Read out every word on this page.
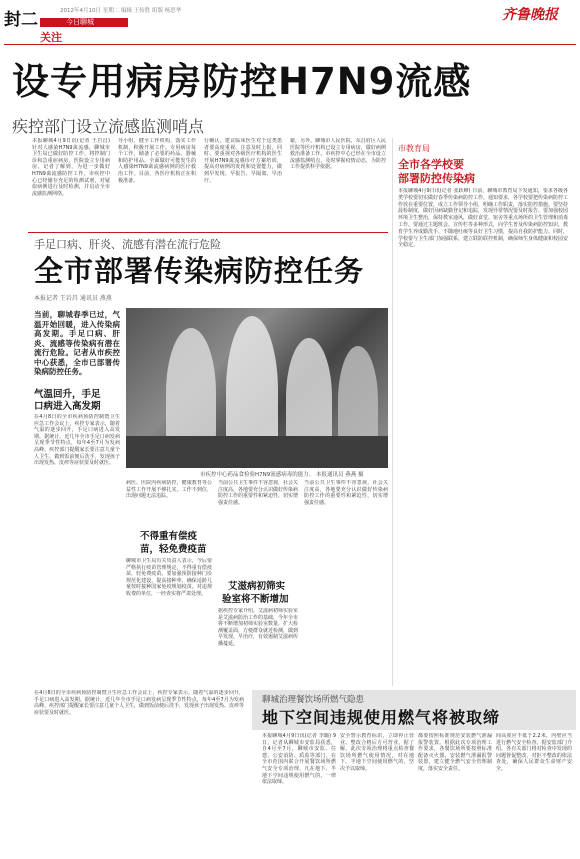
封二	今日聊城
关注
2012年4月10日 星期二 编辑 王传胜 组版 杨思华	齐鲁晚报
设专用病房防控H7N9流感
疾控部门设立流感监测哨点
本报聊城4月9日讯(记者 王岩昌) 针对人感染H7N9禽流感，聊城市卫生局已做好防控工作，将控制门诊和急重症病房，医院设立专用病房。记者了解到，为进一步做好H7N9禽流感防控工作，市疾控中心已经储存充足的检测试剂，对疑似病例进行及时检测，并启动全市流感监测网络。
导小组，健全工作机构，落实工作机制，积极开展工作。专用病房每个工作，储备了必要的药品、器械和防护用品，全面做好可能发生的人感染H7N9禽流感病例的医疗救治工作。目前，各医疗机构正在积极准备。
行确认，建议临床医生对于这类患者要高度重视，注意及时上报。同时，要重视对各级医疗机构的医生开展H7N9禽流感诊疗方案培训，提高对病例的发现和处置能力，做到早发现、早报告、早隔离、早治疗。
避，另外，聊城市人民医院、东昌府区人民医院等医疗机构已设立专用病房，做好病例救治准备工作。市疾控中心已经在全市设立流感监测哨点，及时掌握疫情动态，为防控工作提供科学依据。
市教育局
全市各学校要
部署防控传染病
本报聊城4月9日讯(记者 张跃峰) 日前，聊城市教育局下发通知，要求各级各类学校要切实做好春季传染病防控工作。通知要求，各学校要把传染病防控工作放在重要位置，成立工作领导小组，明确工作职责，落实防控措施。要坚持晨检制度，做好因病缺勤登记和追踪，发现异常情况要及时报告。要加强校园环境卫生整治，保持教室通风，做好食堂、宿舍等重点场所的卫生管理和消毒工作。要通过主题班会、宣传栏等多种形式，向学生普及传染病防控知识，教育学生养成勤洗手、不随地吐痰等良好卫生习惯，提高自我防护能力。同时，学校要与卫生部门加强联系，建立联防联控机制，确保师生身体健康和校园安全稳定。
手足口病、肝炎、流感有潜在流行危险
全市部署传染病防控任务
本报记者 王岩昌 通讯员 燕燕
当前，聊城春季已过，气温开始回暖，进入传染病高发期。手足口病、肝炎、流感等传染病有潜在流行危险。记者从市疾控中心获悉，全市已部署传染病防控任务。
市疾控中心药品食检验H7N9流感病毒的能力。 本报通讯员 燕燕 摄
气温回升，手足
口病进入高发期
在4月8日的全市疾病预防控制暨卫生应急工作会议上，疾控专家表示，随着气温的逐步回升，手足口病进入高发期。据统计，近几年全市手足口病发病呈现季节性特点，每年4至7月为发病高峰。疾控部门提醒家长要注意儿童个人卫生，做到饭前便后洗手，发现孩子出现发热、皮疹等症状要及时就医。
病医、医院内疾病防控，健康教育等公益性工作开展不够扎实。工作不到位，出现问题无法追踪。
不得重有偿疫
苗，轻免费疫苗
聊城市卫生局有关负责人表示，今后要严格执行疫苗管理规定，不得重有偿疫苗、轻免费疫苗。要加强预防接种门诊规范化建设，提高接种率，确保适龄儿童按时接种国家免疫规划疫苗。对违规收费的单位，一经查实将严肃处理。
当前公共卫生事件不容忽视，社会关注度高，各地要充分认识做好传染病防控工作的重要性和紧迫性，切实增强责任感。
艾滋病初筛实
验室将不断增加
据疾控专家介绍，艾滋病初筛实验室是艾滋病防治工作的基础，今年全市将不断增加初筛实验室数量，扩大检测覆盖面，方便群众就近检测，做到早发现、早治疗，有效遏制艾滋病传播蔓延。
当前公共卫生事件不容忽视，社会关注度高，各地要充分认识做好传染病防控工作的重要性和紧迫性，切实增强责任感。
聊城治理餐饮场所燃气隐患
地下空间违规使用燃气将被取缔
本报聊城4月9日讯(记者 李璐) 9日，记者从聊城市安监局获悉，自4月至7月，聊城市安监、住建、公安消防、质监等部门，在全市范围内联合开展餐饮场所燃气安全专项治理，凡在地下、半地下空间违规使用燃气的，一律依法取缔。
安全警示教育标识，立即停止营业、整改合格后方可营业。据了解，此次专项治理将重点检查餐饮场所燃气使用情况，对在地下、半地下空间使用燃气的，坚决予以取缔。
都要按照标准规范安装燃气泄漏报警装置。根据此次专项治理工作要求，各餐饮场所要按照标准配备灭火器，安装燃气泄漏报警装置，建立健全燃气安全管理制度，落实安全责任。
间高度应不低于2.2米，内壁应当进行燃气安全检查。据安监部门介绍，各有关部门将对检查中发现的问题督促整改，对拒不整改的依法查处，确保人民群众生命财产安全。
在4月8日的全市疾病预防控制暨卫生应急工作会议上，疾控专家表示，随着气温的逐步回升，手足口病进入高发期。据统计，近几年全市手足口病发病呈现季节性特点，每年4至7月为发病高峰。疾控部门提醒家长要注意儿童个人卫生，做到饭前便后洗手，发现孩子出现发热、皮疹等症状要及时就医。
